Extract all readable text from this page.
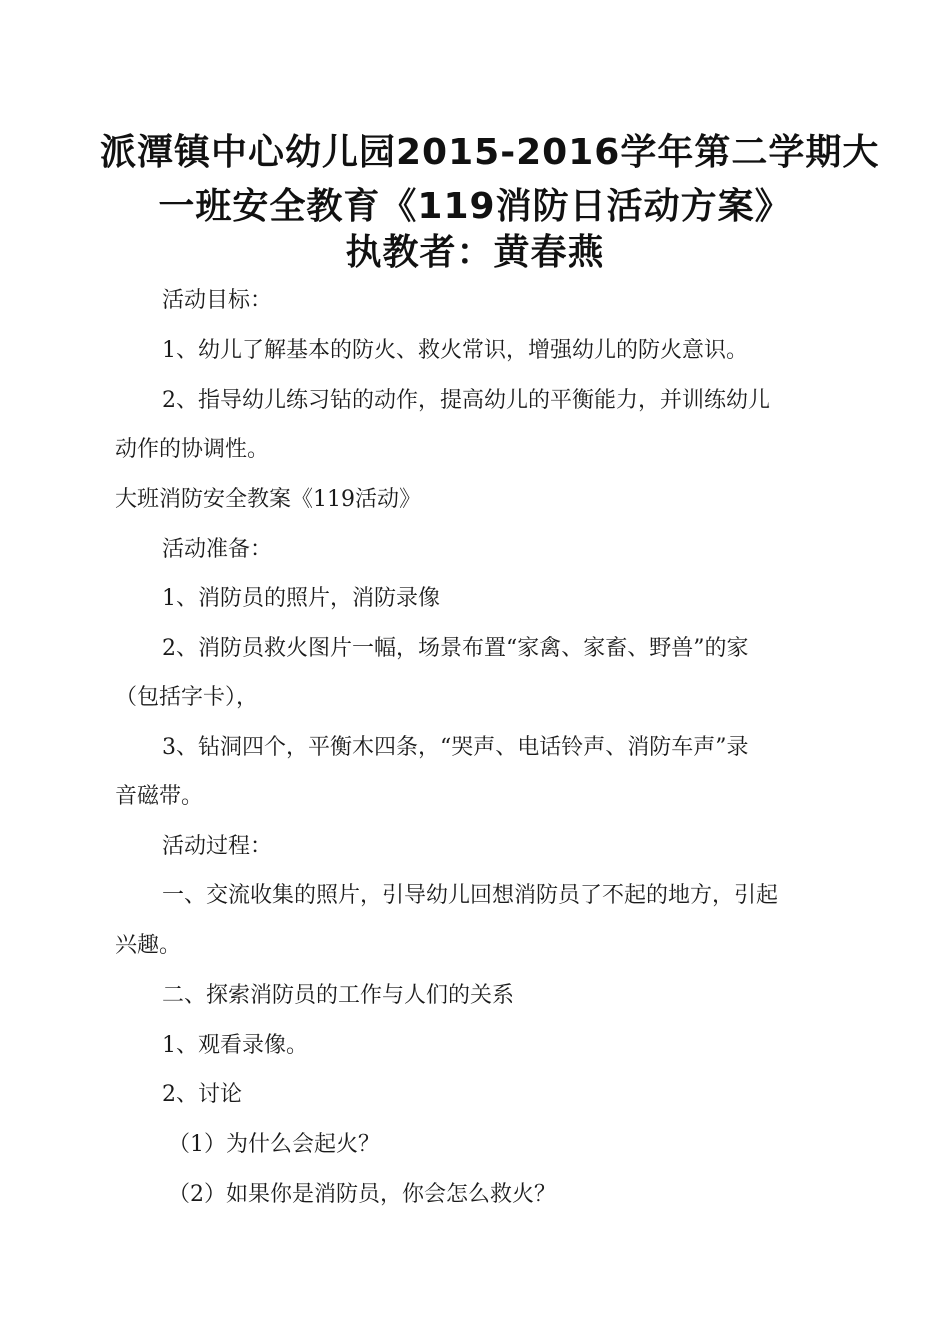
派潭镇中心幼儿园2015-2016学年第二学期大
一班安全教育《119消防日活动方案》
执教者：黄春燕
活动目标：
1、幼儿了解基本的防火、救火常识，增强幼儿的防火意识。
2、指导幼儿练习钻的动作，提高幼儿的平衡能力，并训练幼儿
动作的协调性。
大班消防安全教案《119活动》
活动准备：
1、消防员的照片，消防录像
2、消防员救火图片一幅，场景布置“家禽、家畜、野兽”的家
（包括字卡），
3、钻洞四个，平衡木四条，“哭声、电话铃声、消防车声”录
音磁带。
活动过程：
一、交流收集的照片，引导幼儿回想消防员了不起的地方，引起
兴趣。
二、探索消防员的工作与人们的关系
1、观看录像。
2、讨论
（1）为什么会起火？
（2）如果你是消防员，你会怎么救火？
